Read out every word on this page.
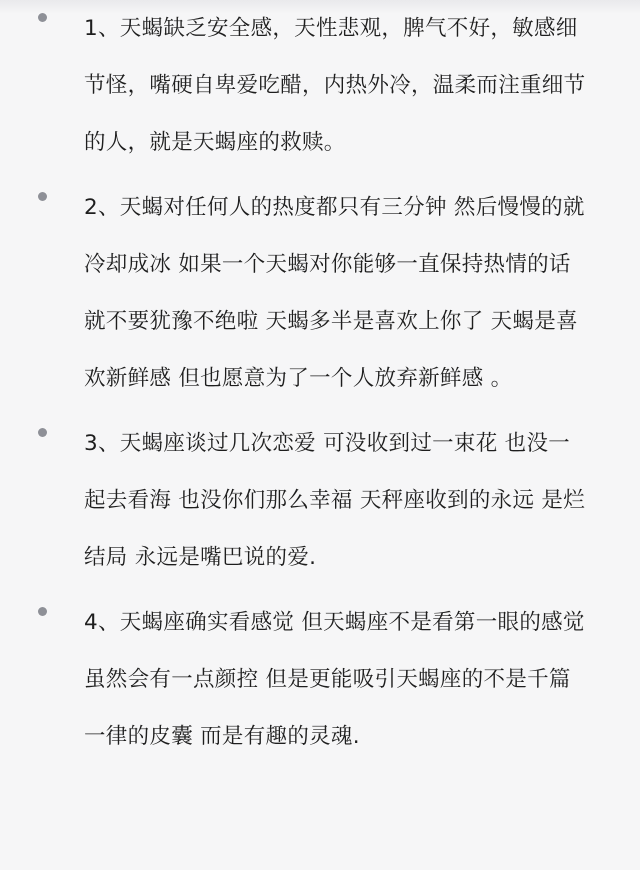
1、天蝎缺乏安全感，天性悲观，脾气不好，敏感细节怪，嘴硬自卑爱吃醋，内热外冷，温柔而注重细节的人，就是天蝎座的救赎。
2、天蝎对任何人的热度都只有三分钟 然后慢慢的就冷却成冰 如果一个天蝎对你能够一直保持热情的话 就不要犹豫不绝啦 天蝎多半是喜欢上你了 天蝎是喜欢新鲜感 但也愿意为了一个人放弃新鲜感 。
3、天蝎座谈过几次恋爱 可没收到过一束花 也没一起去看海 也没你们那么幸福 天秤座收到的永远 是烂结局 永远是嘴巴说的爱.
4、天蝎座确实看感觉 但天蝎座不是看第一眼的感觉 虽然会有一点颜控 但是更能吸引天蝎座的不是千篇一律的皮囊 而是有趣的灵魂.
